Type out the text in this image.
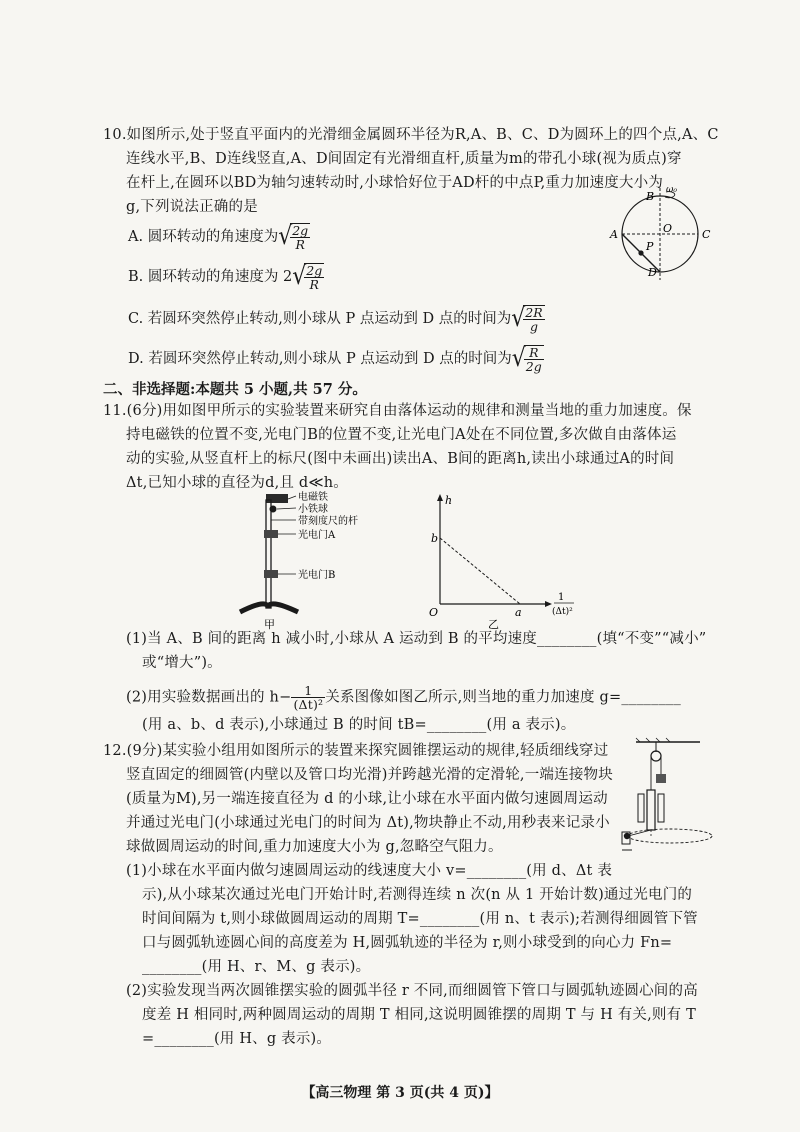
10.如图所示,处于竖直平面内的光滑细金属圆环半径为R,A、B、C、D为圆环上的四个点,A、C
连线水平,B、D连线竖直,A、D间固定有光滑细直杆,质量为m的带孔小球(视为质点)穿
在杆上,在圆环以BD为轴匀速转动时,小球恰好位于AD杆的中点P,重力加速度大小为
g,下列说法正确的是
A. 圆环转动的角速度为√
$\frac{2g}{R}$
B. 圆环转动的角速度为 2√
$\frac{2g}{R}$
C. 若圆环突然停止转动,则小球从 P 点运动到 D 点的时间为√
$\frac{2R}{g}$
D. 若圆环突然停止转动,则小球从 P 点运动到 D 点的时间为√
$\frac{R}{2g}$
B ω₀
A	O	C
P
D
二、非选择题:本题共 5 小题,共 57 分。
11.(6分)用如图甲所示的实验装置来研究自由落体运动的规律和测量当地的重力加速度。保
持电磁铁的位置不变,光电门B的位置不变,让光电门A处在不同位置,多次做自由落体运
动的实验,从竖直杆上的标尺(图中未画出)读出A、B间的距离h,读出小球通过A的时间
Δt,已知小球的直径为d,且 d≪h。
电磁铁
小铁球
带刻度尺的杆
光电门A
光电门B
甲
h
b
a
O
1
(Δt)²
乙
(1)当 A、B 间的距离 h 减小时,小球从 A 运动到 B 的平均速度________(填“不变”“减小”
或“增大”)。
(2)用实验数据画出的 $h- \frac{1}{\text{(Δt)²}}$ 关系图像如图乙所示,则当地的重力加速度 g=________
(用 a、b、d 表示),小球通过 B 的时间 tB=________(用 a 表示)。
12.(9分)某实验小组用如图所示的装置来探究圆锥摆运动的规律,轻质细线穿过
竖直固定的细圆管(内壁以及管口均光滑)并跨越光滑的定滑轮,一端连接物块
(质量为M),另一端连接直径为 d 的小球,让小球在水平面内做匀速圆周运动
并通过光电门(小球通过光电门的时间为 Δt),物块静止不动,用秒表来记录小
球做圆周运动的时间,重力加速度大小为 g,忽略空气阻力。
(1)小球在水平面内做匀速圆周运动的线速度大小 v=________(用 d、Δt 表
示),从小球某次通过光电门开始计时,若测得连续 n 次(n 从 1 开始计数)通过光电门的
时间间隔为 t,则小球做圆周运动的周期 T=________(用 n、t 表示);若测得细圆管下管
口与圆弧轨迹圆心间的高度差为 H,圆弧轨迹的半径为 r,则小球受到的向心力 Fn=
________(用 H、r、M、g 表示)。
(2)实验发现当两次圆锥摆实验的圆弧半径 r 不同,而细圆管下管口与圆弧轨迹圆心间的高
度差 H 相同时,两种圆周运动的周期 T 相同,这说明圆锥摆的周期 T 与 H 有关,则有 T
=________(用 H、g 表示)。
【高三物理 第 3 页(共 4 页)】
